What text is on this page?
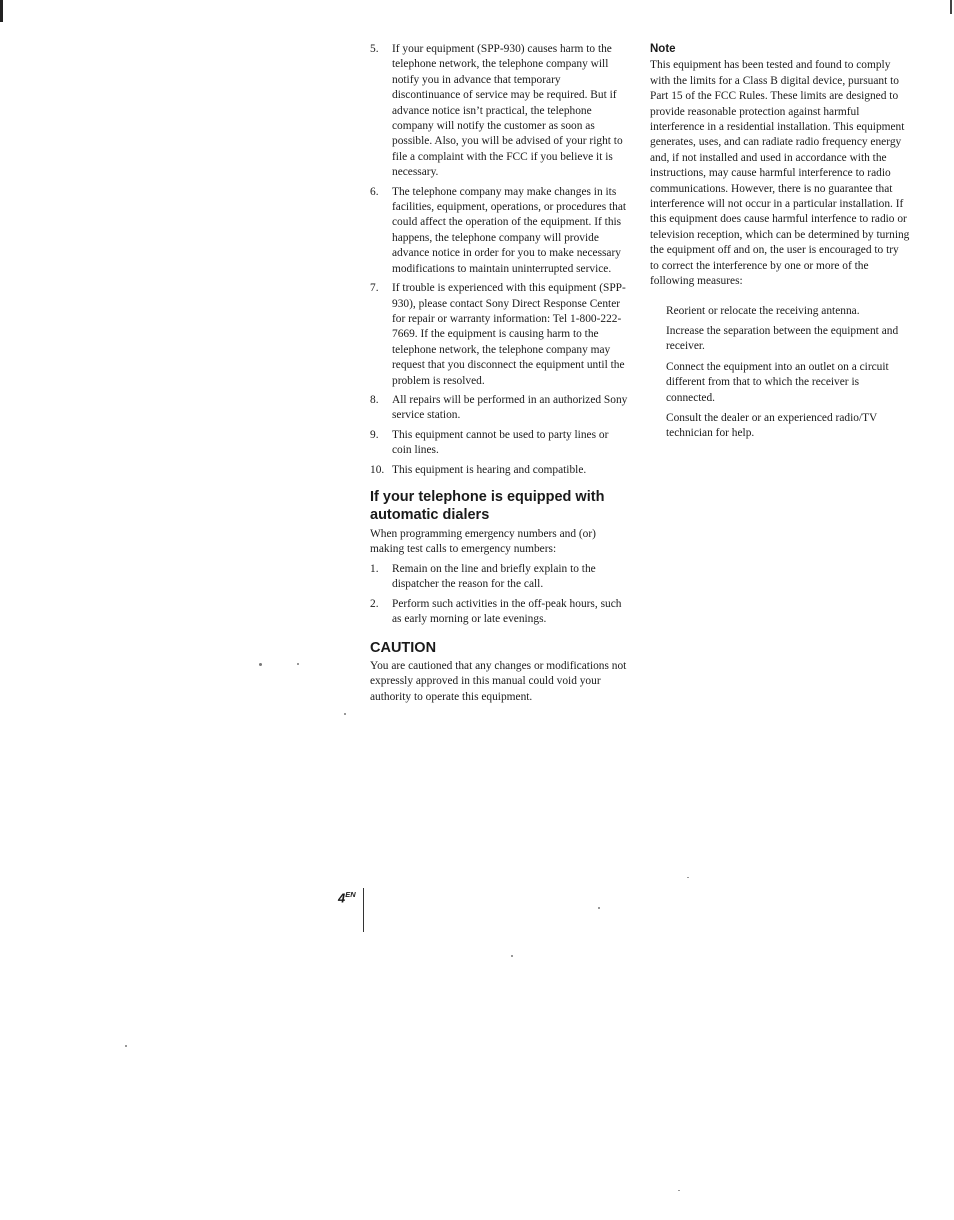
5.	If your equipment (SPP-930) causes harm to the telephone network, the telephone company will notify you in advance that temporary discontinuance of service may be required. But if advance notice isn’t practical, the telephone company will notify the customer as soon as possible. Also, you will be advised of your right to file a complaint with the FCC if you believe it is necessary.
6.	The telephone company may make changes in its facilities, equipment, operations, or procedures that could affect the operation of the equipment. If this happens, the telephone company will provide advance notice in order for you to make necessary modifications to maintain uninterrupted service.
7.	If trouble is experienced with this equipment (SPP-930), please contact Sony Direct Response Center for repair or warranty information: Tel 1-800-222-7669. If the equipment is causing harm to the telephone network, the telephone company may request that you disconnect the equipment until the problem is resolved.
8.	All repairs will be performed in an authorized Sony service station.
9.	This equipment cannot be used to party lines or coin lines.
10. This equipment is hearing and compatible.
If your telephone is equipped with automatic dialers
When programming emergency numbers and (or) making test calls to emergency numbers:
1.	Remain on the line and briefly explain to the dispatcher the reason for the call.
2.	Perform such activities in the off-peak hours, such as early morning or late evenings.
CAUTION
You are cautioned that any changes or modifications not expressly approved in this manual could void your authority to operate this equipment.
Note
This equipment has been tested and found to comply with the limits for a Class B digital device, pursuant to Part 15 of the FCC Rules. These limits are designed to provide reasonable protection against harmful interference in a residential installation. This equipment generates, uses, and can radiate radio frequency energy and, if not installed and used in accordance with the instructions, may cause harmful interference to radio communications. However, there is no guarantee that interference will not occur in a particular installation. If this equipment does cause harmful interfence to radio or television reception, which can be determined by turning the equipment off and on, the user is encouraged to try to correct the interference by one or more of the following measures:
Reorient or relocate the receiving antenna.
Increase the separation between the equipment and receiver.
Connect the equipment into an outlet on a circuit different from that to which the receiver is connected.
Consult the dealer or an experienced radio/TV technician for help.
$4^{EN}$
